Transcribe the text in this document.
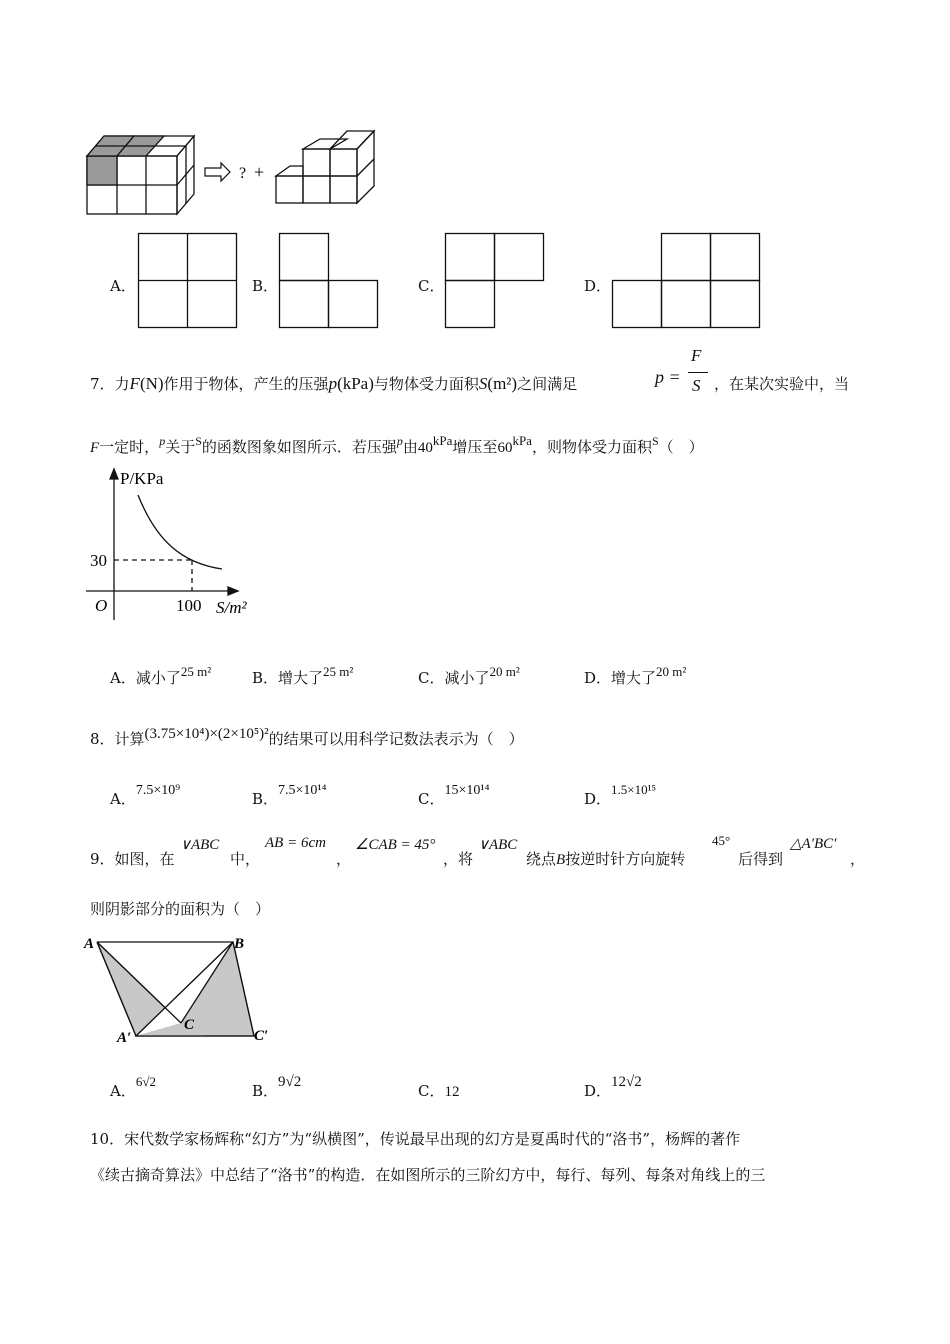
? +
A．	B．	C．	D．
7．力F(N)作用于物体，产生的压强p(kPa)与物体受力面积S(m²)之间满足	p =
F
S ，在某次实验中，当
F一定时，$^p$关于$^S$的函数图象如图所示．若压强$^p$由40kPa增压至60kPa，则物体受力面积$^S$（　）
P/KPa
S/m²
O
30
100
A．减小了25 m²	B．增大了25 m²	C．减小了20 m²	D．增大了20 m²
8．计算(3.75×10⁴)×(2×10⁵)²的结果可以用科学记数法表示为（　）
A．7.5×10⁹	B．7.5×10¹⁴	C．15×10¹⁴	D．1.5×10¹⁵
9．如图，在
∨ABC
中，
AB = 6cm
，
∠CAB = 45°
，将
∨ABC
绕点B按逆时针方向旋转
45°
后得到
△A′BC′
，
则阴影部分的面积为（　）
A	B
C
A′	C′
A．6√2
B．9√2	C．12	D．12√2
10．宋代数学家杨辉称“幻方”为“纵横图”，传说最早出现的幻方是夏禹时代的“洛书”，杨辉的著作
《续古摘奇算法》中总结了“洛书”的构造．在如图所示的三阶幻方中，每行、每列、每条对角线上的三
